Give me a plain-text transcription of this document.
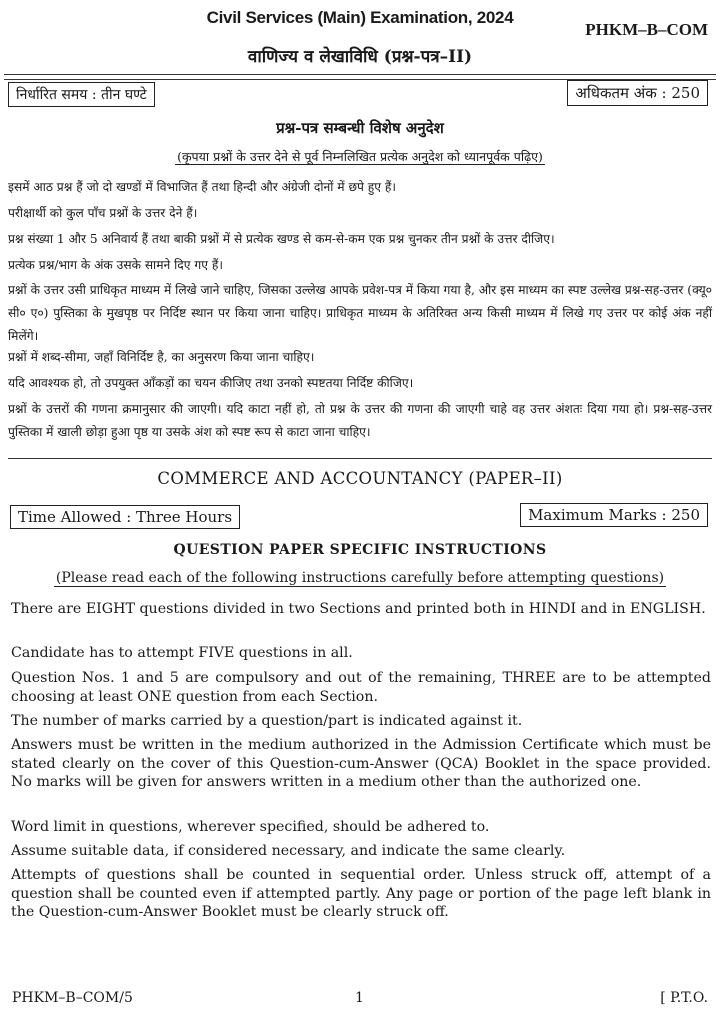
Civil Services (Main) Examination, 2024
PHKM–B–COM
वाणिज्य व लेखाविधि (प्रश्न-पत्र–II)
निर्धारित समय : तीन घण्टे	अधिकतम अंक : 250
प्रश्न-पत्र सम्बन्धी विशेष अनुदेश
(कृपया प्रश्नों के उत्तर देने से पूर्व निम्नलिखित प्रत्येक अनुदेश को ध्यानपूर्वक पढ़िए)
इसमें आठ प्रश्न हैं जो दो खण्डों में विभाजित हैं तथा हिन्दी और अंग्रेजी दोनों में छपे हुए हैं।
परीक्षार्थी को कुल पाँच प्रश्नों के उत्तर देने हैं।
प्रश्न संख्या 1 और 5 अनिवार्य हैं तथा बाकी प्रश्नों में से प्रत्येक खण्ड से कम-से-कम एक प्रश्न चुनकर तीन प्रश्नों के उत्तर दीजिए।
प्रत्येक प्रश्न/भाग के अंक उसके सामने दिए गए हैं।
प्रश्नों के उत्तर उसी प्राधिकृत माध्यम में लिखे जाने चाहिए, जिसका उल्लेख आपके प्रवेश-पत्र में किया गया है, और इस माध्यम का स्पष्ट उल्लेख प्रश्न-सह-उत्तर (क्यू० सी० ए०) पुस्तिका के मुखपृष्ठ पर निर्दिष्ट स्थान पर किया जाना चाहिए। प्राधिकृत माध्यम के अतिरिक्त अन्य किसी माध्यम में लिखे गए उत्तर पर कोई अंक नहीं मिलेंगे।
प्रश्नों में शब्द-सीमा, जहाँ विनिर्दिष्ट है, का अनुसरण किया जाना चाहिए।
यदि आवश्यक हो, तो उपयुक्त आँकड़ों का चयन कीजिए तथा उनको स्पष्टतया निर्दिष्ट कीजिए।
प्रश्नों के उत्तरों की गणना क्रमानुसार की जाएगी। यदि काटा नहीं हो, तो प्रश्न के उत्तर की गणना की जाएगी चाहे वह उत्तर अंशतः दिया गया हो। प्रश्न-सह-उत्तर पुस्तिका में खाली छोड़ा हुआ पृष्ठ या उसके अंश को स्पष्ट रूप से काटा जाना चाहिए।
COMMERCE AND ACCOUNTANCY (PAPER–II)
Time Allowed : Three Hours	Maximum Marks : 250
QUESTION PAPER SPECIFIC INSTRUCTIONS
(Please read each of the following instructions carefully before attempting questions)
There are EIGHT questions divided in two Sections and printed both in HINDI and in ENGLISH.
Candidate has to attempt FIVE questions in all.
Question Nos. 1 and 5 are compulsory and out of the remaining, THREE are to be attempted choosing at least ONE question from each Section.
The number of marks carried by a question/part is indicated against it.
Answers must be written in the medium authorized in the Admission Certificate which must be stated clearly on the cover of this Question-cum-Answer (QCA) Booklet in the space provided. No marks will be given for answers written in a medium other than the authorized one.
Word limit in questions, wherever specified, should be adhered to.
Assume suitable data, if considered necessary, and indicate the same clearly.
Attempts of questions shall be counted in sequential order. Unless struck off, attempt of a question shall be counted even if attempted partly. Any page or portion of the page left blank in the Question-cum-Answer Booklet must be clearly struck off.
PHKM–B–COM/5	1	[ P.T.O.
